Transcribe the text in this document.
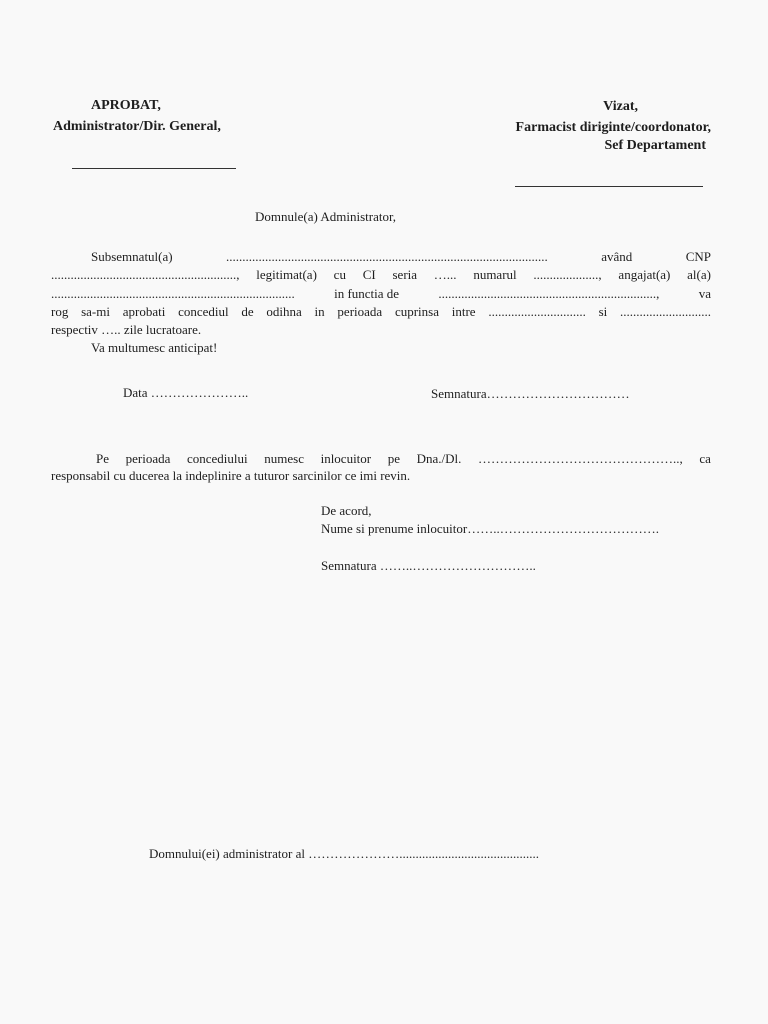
APROBAT,
Administrator/Dir. General,
Vizat,
Farmacist diriginte/coordonator,
Sef Departament
Domnule(a) Administrator,
Subsemnatul(a)	...................................................................................................	având	CNP
........................................................., legitimat(a) cu CI seria …... numarul ...................., angajat(a) al(a)
...........................................................................	in functia de	...................................................................,	va
rog sa-mi aprobati concediul de odihna in perioada cuprinsa intre .............................. si ............................
respectiv ….. zile lucratoare.
Va multumesc anticipat!
Data …………………..	Semnatura……………………………
Pe perioada concediului numesc inlocuitor pe Dna./Dl. ……………………………………….., ca
responsabil cu ducerea la indeplinire a tuturor sarcinilor ce imi revin.
De acord,
Nume si prenume inlocuitor……..……………………………….
Semnatura ……..………………………..
Domnului(ei) administrator al …………………...........................................
